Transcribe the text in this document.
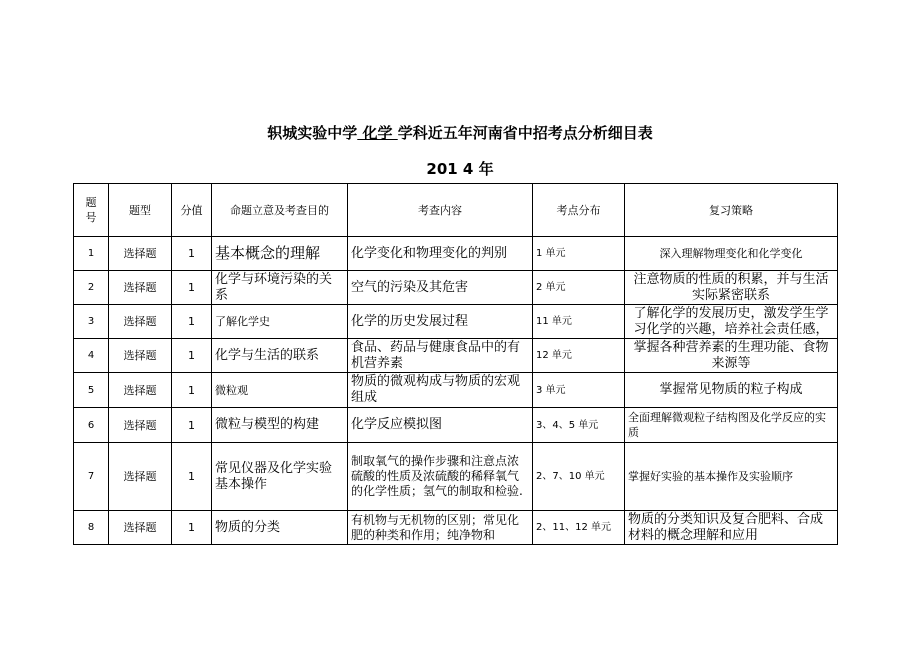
轵城实验中学 化学 学科近五年河南省中招考点分析细目表
201 4 年
题号	题型	分值	命题立意及考查目的	考查内容	考点分布	复习策略
1	选择题	1	基本概念的理解	化学变化和物理变化的判别	1 单元	深入理解物理变化和化学变化
2	选择题	1	化学与环境污染的关系	空气的污染及其危害	2 单元	注意物质的性质的积累，并与生活实际紧密联系
3	选择题	1	了解化学史	化学的历史发展过程	11 单元	了解化学的发展历史，激发学生学习化学的兴趣，培养社会责任感，
4	选择题	1	化学与生活的联系	食品、药品与健康食品中的有机营养素	12 单元	掌握各种营养素的生理功能、食物来源等
5	选择题	1	微粒观	物质的微观构成与物质的宏观组成	3 单元	掌握常见物质的粒子构成
6	选择题	1	微粒与模型的构建	化学反应模拟图	3、4、5 单元	全面理解微观粒子结构图及化学反应的实质
7	选择题	1	常见仪器及化学实验基本操作	制取氧气的操作步骤和注意点浓硫酸的性质及浓硫酸的稀释氧气的化学性质；氢气的制取和检验.	2、7、10 单元	掌握好实验的基本操作及实验顺序
8	选择题	1	物质的分类	有机物与无机物的区别；常见化肥的种类和作用；纯净物和	2、11、12 单元	物质的分类知识及复合肥料、合成材料的概念理解和应用
